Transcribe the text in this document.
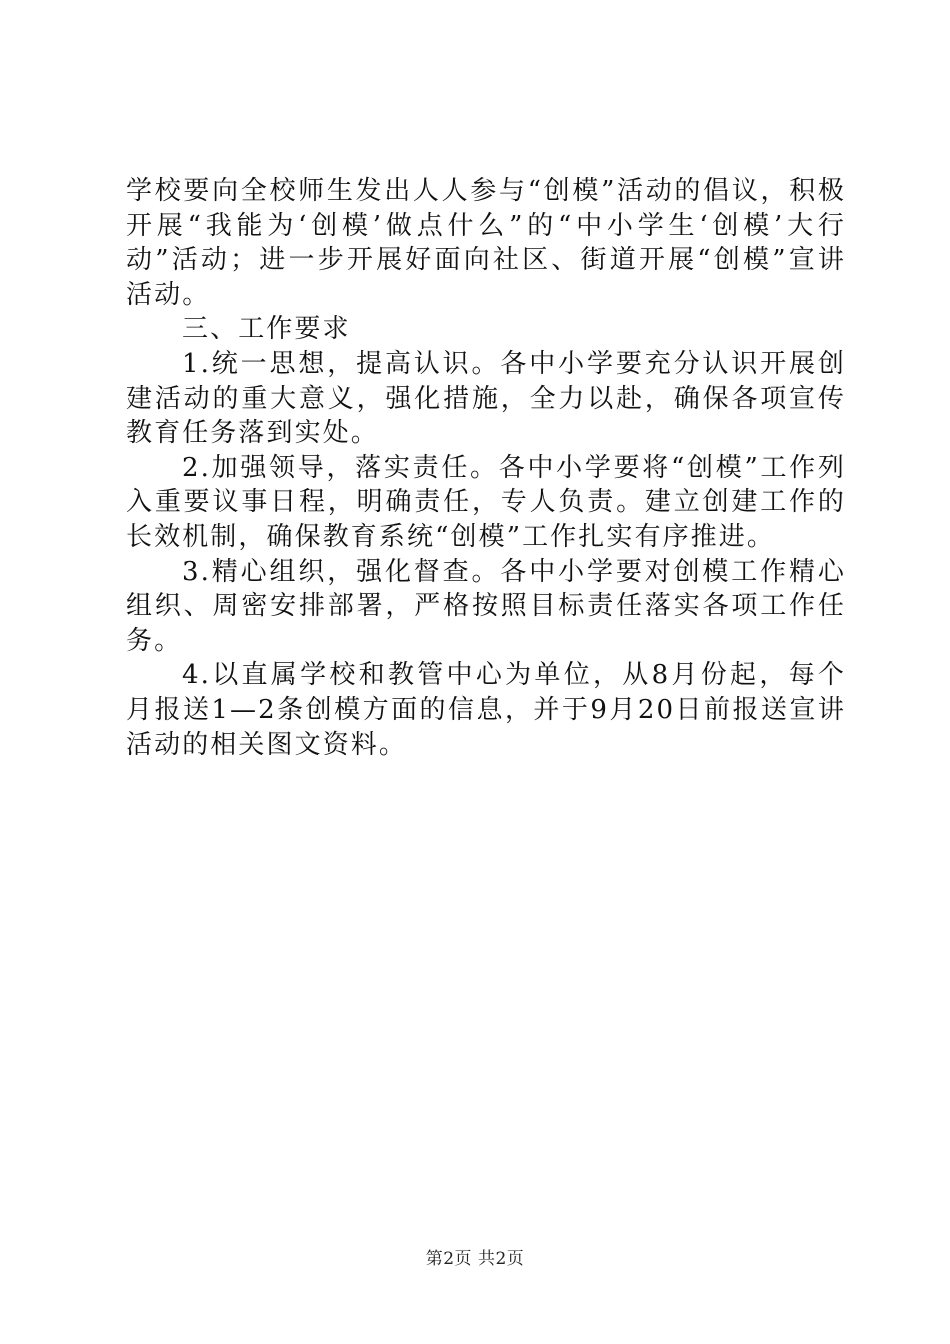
学校要向全校师生发出人人参与“创模”活动的倡议，积极开展“我能为‘创模’做点什么”的“中小学生‘创模’大行动”活动；进一步开展好面向社区、街道开展“创模”宣讲活动。

三、工作要求

1.统一思想，提高认识。各中小学要充分认识开展创建活动的重大意义，强化措施，全力以赴，确保各项宣传教育任务落到实处。

2.加强领导，落实责任。各中小学要将“创模”工作列入重要议事日程，明确责任，专人负责。建立创建工作的长效机制，确保教育系统“创模”工作扎实有序推进。

3.精心组织，强化督查。各中小学要对创模工作精心组织、周密安排部署，严格按照目标责任落实各项工作任务。

4.以直属学校和教管中心为单位，从8月份起，每个月报送1—2条创模方面的信息，并于9月20日前报送宣讲活动的相关图文资料。

第2页 共2页
